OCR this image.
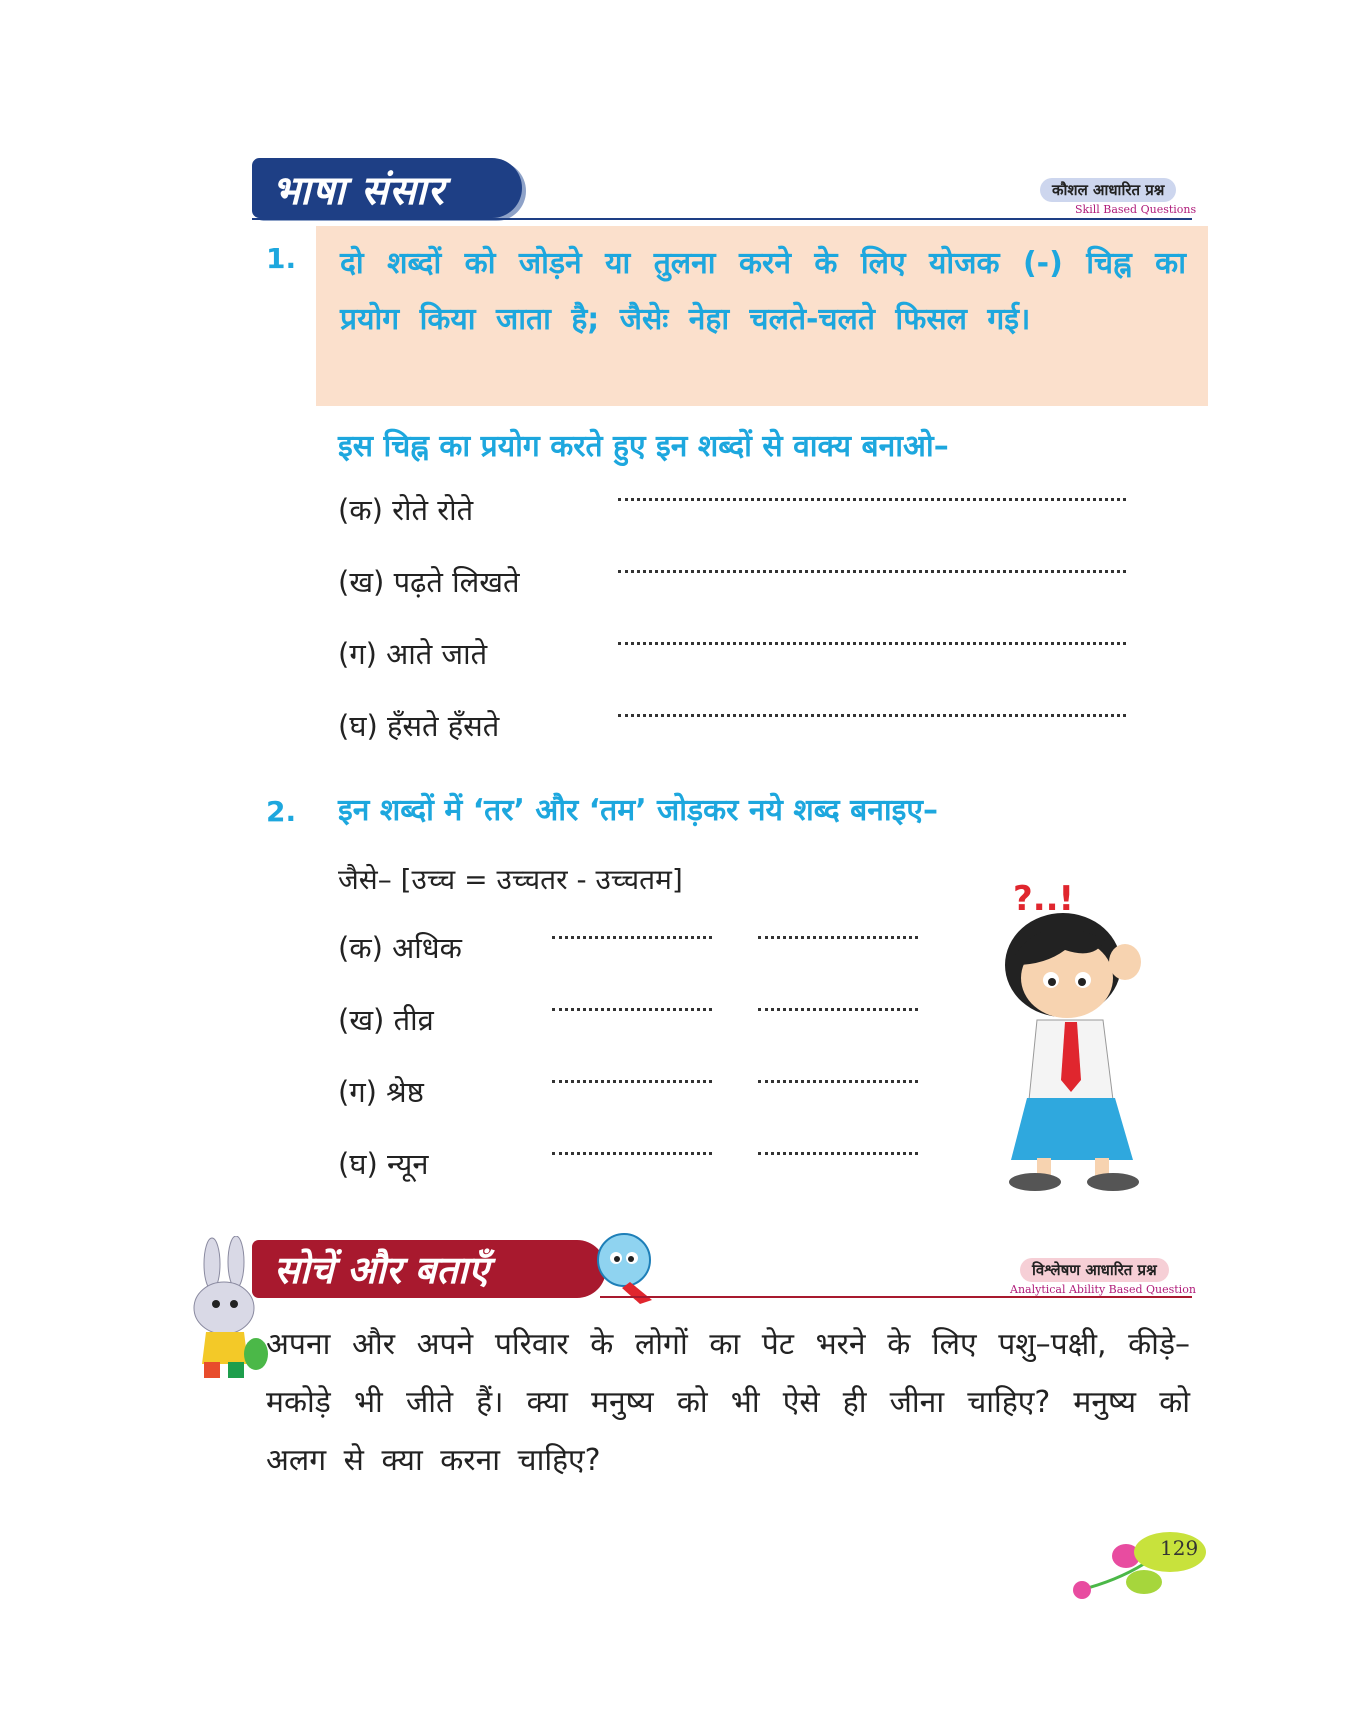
भाषा संसार	कौशल आधारित प्रश्न
Skill Based Questions
1. दो शब्दों को जोड़ने या तुलना करने के लिए योजक (-) चिह्न का प्रयोग किया जाता है; जैसेः नेहा चलते-चलते फिसल गई।
इस चिह्न का प्रयोग करते हुए इन शब्दों से वाक्य बनाओ–
(क) रोते रोते
(ख) पढ़ते लिखते
(ग) आते जाते
(घ) हँसते हँसते
2. इन शब्दों में ‘तर’ और ‘तम’ जोड़कर नये शब्द बनाइए–
जैसे– [उच्च = उच्चतर - उच्चतम]
(क) अधिक
(ख) तीव्र
(ग) श्रेष्ठ
(घ) न्यून
?..!
सोचें और बताएँ	विश्लेषण आधारित प्रश्न
Analytical Ability Based Question
अपना और अपने परिवार के लोगों का पेट भरने के लिए पशु–पक्षी, कीड़े–मकोड़े भी जीते हैं। क्या मनुष्य को भी ऐसे ही जीना चाहिए? मनुष्य को अलग से क्या करना चाहिए?
129
